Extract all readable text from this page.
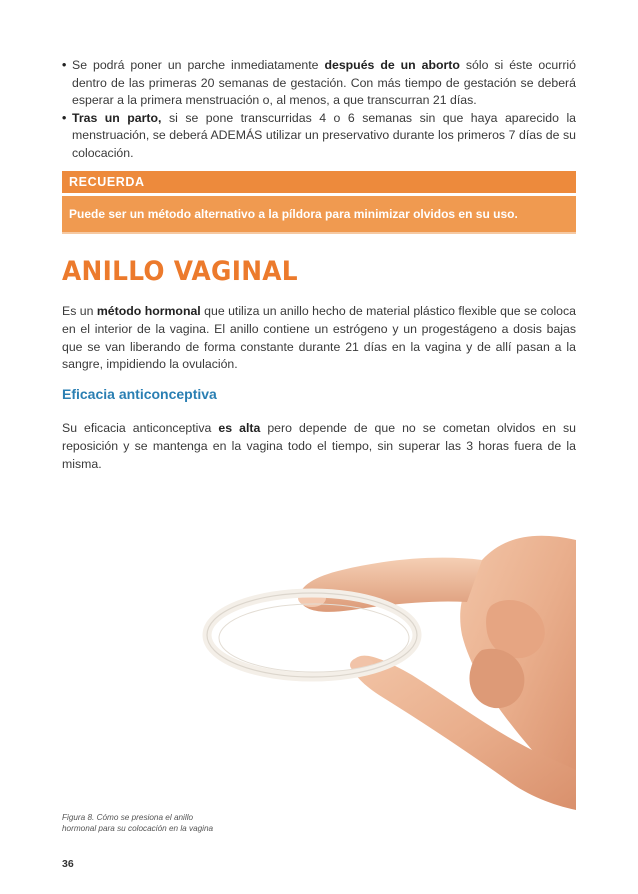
• Se podrá poner un parche inmediatamente después de un aborto sólo si éste ocurrió dentro de las primeras 20 semanas de gestación. Con más tiempo de gestación se deberá esperar a la primera menstruación o, al menos, a que transcurran 21 días.
• Tras un parto, si se pone transcurridas 4 o 6 semanas sin que haya aparecido la menstruación, se deberá ADEMÁS utilizar un preservativo durante los primeros 7 días de su colocación.
RECUERDA
Puede ser un método alternativo a la píldora para minimizar olvidos en su uso.
ANILLO VAGINAL
Es un método hormonal que utiliza un anillo hecho de material plástico flexible que se coloca en el interior de la vagina. El anillo contiene un estrógeno y un progestágeno a dosis bajas que se van liberando de forma constante durante 21 días en la vagina y de allí pasan a la sangre, impidiendo la ovulación.
Eficacia anticonceptiva
Su eficacia anticonceptiva es alta pero depende de que no se cometan olvidos en su reposición y se mantenga en la vagina todo el tiempo, sin superar las 3 horas fuera de la misma.
Figura 8. Cómo se presiona el anillo
hormonal para su colocación en la vagina
36
